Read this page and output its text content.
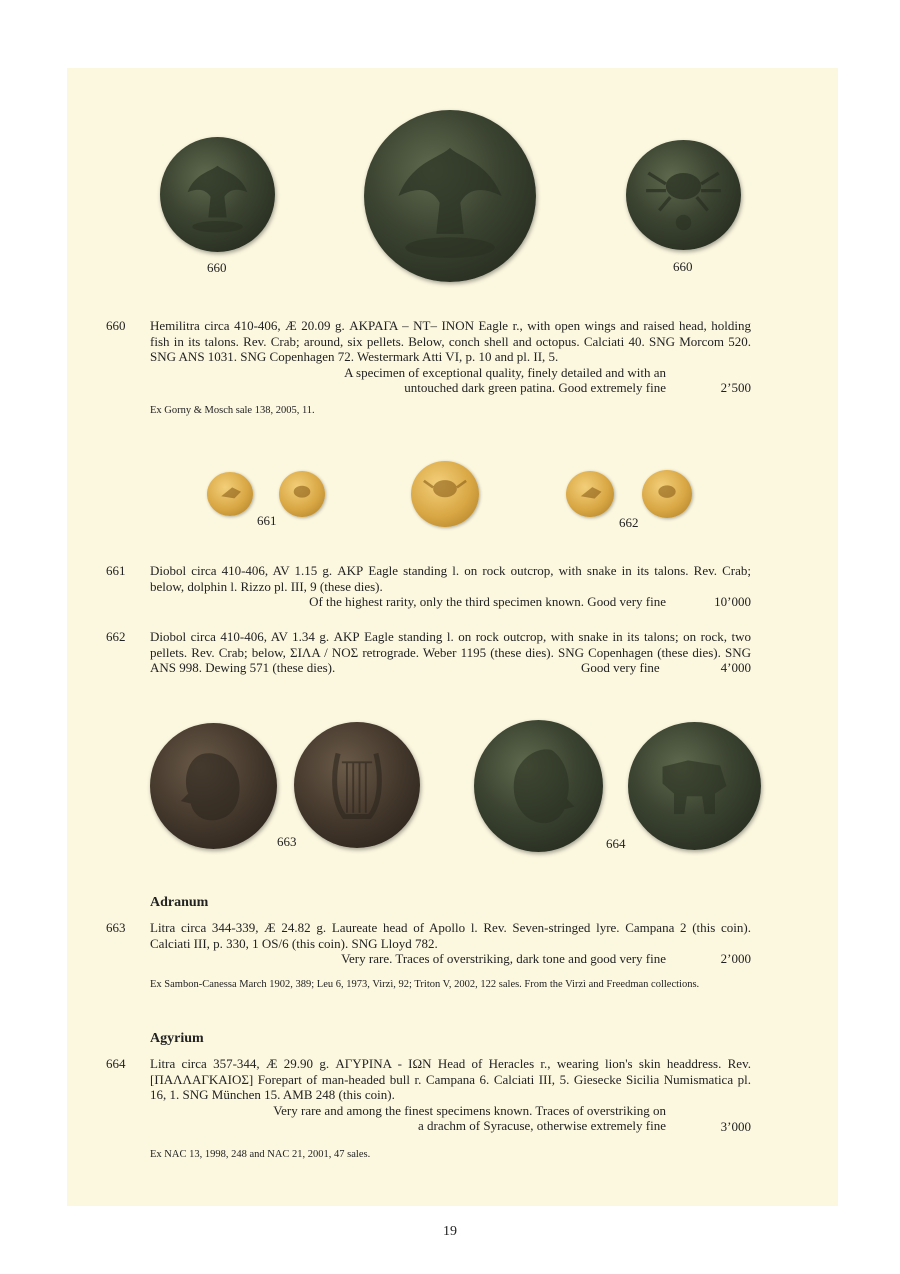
660	660
660 Hemilitra circa 410-406, Æ 20.09 g. ΑΚΡΑΓΑ – ΝΤ– ΙΝΟΝ Eagle r., with open wings and raised head, holding fish in its talons. Rev. Crab; around, six pellets. Below, conch shell and octopus. Calciati 40. SNG Morcom 520. SNG ANS 1031. SNG Copenhagen 72. Westermark Atti VI, p. 10 and pl. II, 5.

A specimen of exceptional quality, finely detailed and with an

untouched dark green patina. Good extremely fine	2’500
Ex Gorny & Mosch sale 138, 2005, 11.
661	662
661 Diobol circa 410-406, AV 1.15 g. ΑΚΡ Eagle standing l. on rock outcrop, with snake in its talons. Rev. Crab; below, dolphin l. Rizzo pl. III, 9 (these dies).

Of the highest rarity, only the third specimen known. Good very fine	10’000
662 Diobol circa 410-406, AV 1.34 g. ΑΚΡ Eagle standing l. on rock outcrop, with snake in its talons; on rock, two pellets. Rev. Crab; below, ΣΙΛΑ / ΝΟΣ retrograde. Weber 1195 (these dies). SNG Copenhagen (these dies). SNG ANS 998. Dewing 571 (these dies).	Good very fine	4’000
663	664
Adranum
663 Litra circa 344-339, Æ 24.82 g. Laureate head of Apollo l. Rev. Seven-stringed lyre. Campana 2 (this coin). Calciati III, p. 330, 1 OS/6 (this coin). SNG Lloyd 782.

Very rare. Traces of overstriking, dark tone and good very fine	2’000
Ex Sambon-Canessa March 1902, 389; Leu 6, 1973, Virzì, 92; Triton V, 2002, 122 sales. From the Virzì and Freedman collections.
Agyrium
664 Litra circa 357-344, Æ 29.90 g. ΑΓΥΡΙΝΑ - ΙΩΝ Head of Heracles r., wearing lion's skin headdress. Rev. [ΠΑΛΛΑΓΚΑΙΟΣ] Forepart of man-headed bull r. Campana 6. Calciati III, 5. Giesecke Sicilia Numismatica pl. 16, 1. SNG München 15. AMB 248 (this coin).

Very rare and among the finest specimens known. Traces of overstriking on

a drachm of Syracuse, otherwise extremely fine	3’000
Ex NAC 13, 1998, 248 and NAC 21, 2001, 47 sales.
19
